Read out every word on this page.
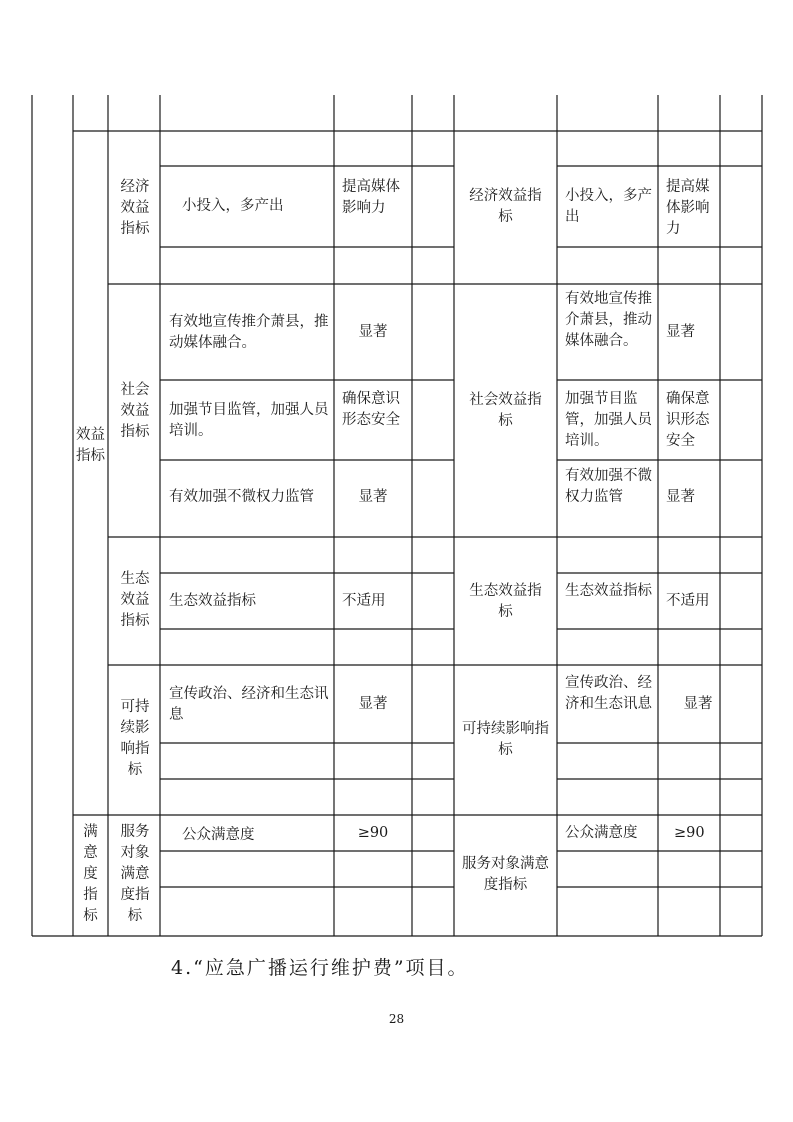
效益指标
满意度指标
经济效益指标
社会效益指标
生态效益指标
可持续影响指标
服务对象满意度指标
小投入，多产出
有效地宣传推介萧县，推动媒体融合。
加强节目监管，加强人员培训。
有效加强不微权力监管
生态效益指标
宣传政治、经济和生态讯息
公众满意度
提高媒体影响力
显著
确保意识形态安全
显著
不适用
显著
≥90
经济效益指标
社会效益指标
生态效益指标
可持续影响指标
服务对象满意度指标
小投入，多产出
有效地宣传推介萧县，推动媒体融合。
加强节目监管，加强人员培训。
有效加强不微权力监管
生态效益指标
宣传政治、经济和生态讯息
公众满意度
提高媒体影响力
显著
确保意识形态安全
显著
不适用
显著
≥90
4.“应急广播运行维护费”项目。
28
